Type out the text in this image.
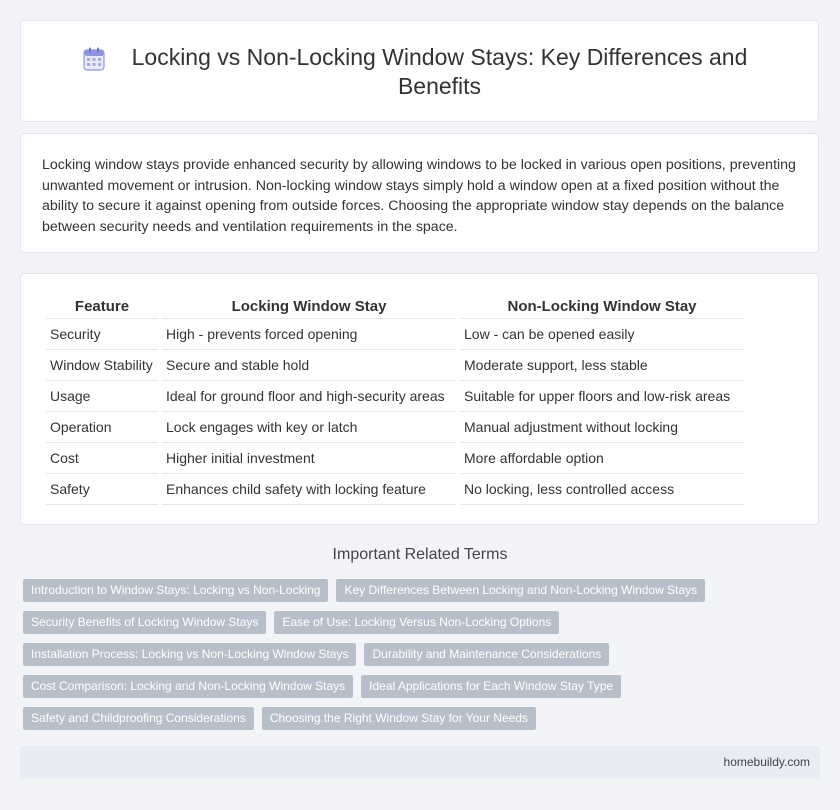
Locking vs Non-Locking Window Stays: Key Differences and Benefits
Locking window stays provide enhanced security by allowing windows to be locked in various open positions, preventing unwanted movement or intrusion. Non-locking window stays simply hold a window open at a fixed position without the ability to secure it against opening from outside forces. Choosing the appropriate window stay depends on the balance between security needs and ventilation requirements in the space.
Feature	Locking Window Stay	Non-Locking Window Stay
Security	High - prevents forced opening	Low - can be opened easily
Window Stability	Secure and stable hold	Moderate support, less stable
Usage	Ideal for ground floor and high-security areas	Suitable for upper floors and low-risk areas
Operation	Lock engages with key or latch	Manual adjustment without locking
Cost	Higher initial investment	More affordable option
Safety	Enhances child safety with locking feature	No locking, less controlled access
Important Related Terms
Introduction to Window Stays: Locking vs Non-Locking	Key Differences Between Locking and Non-Locking Window Stays
Security Benefits of Locking Window Stays	Ease of Use: Locking Versus Non-Locking Options
Installation Process: Locking vs Non-Locking Window Stays	Durability and Maintenance Considerations
Cost Comparison: Locking and Non-Locking Window Stays	Ideal Applications for Each Window Stay Type
Safety and Childproofing Considerations	Choosing the Right Window Stay for Your Needs
homebuildy.com
